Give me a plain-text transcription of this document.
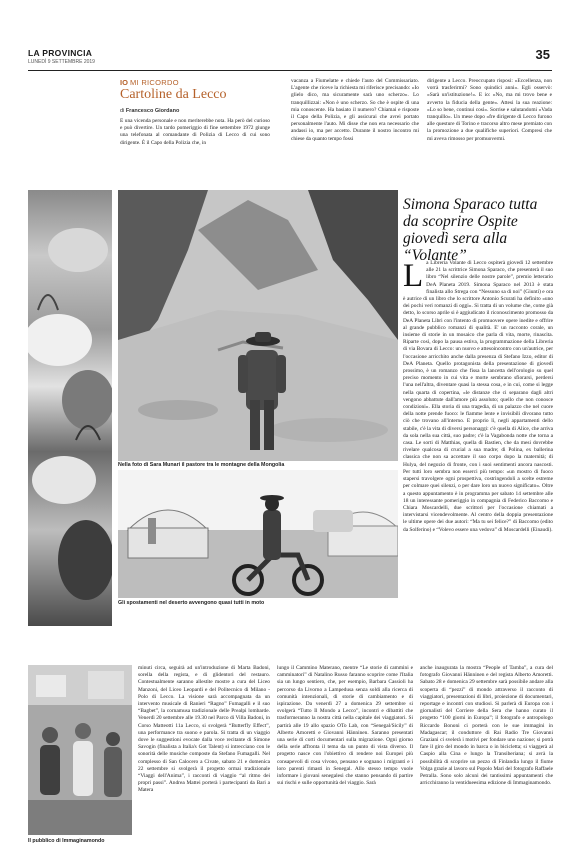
LA PROVINCIA
LUNEDÌ 9 SETTEMBRE 2019	35
IO MI RICORDO
Cartoline da Lecco
di Francesco Giordano
È una vicenda personale e non meriterebbe nota. Ha però del curioso e può divertire. Un tardo pomeriggio di fine settembre 1972 giunge una telefonata al comandante di Polizia di Lecco di cui sono dirigente. È il Capo della Polizia che, in
vacanza a Fiumelatte e chiede l'auto del Commissariato. L'agente che riceve la richiesta mi riferisce precisando: «Io glielo dico, ma sicuramente sarà uno scherzo». Lo tranquillizzai: «Non è uno scherzo. So che è ospite di una mia conoscente. Ha basiato il numero? Chiamai e risposte il Capo della Polizia, e gli assicurai che avrei portato personalmente l'auto. Mi disse che non era necessario che andassi io, ma per accetto. Durante il nostro incontro mi chiese da quanto tempo fossi
dirigente a Lecco. Preoccupato risposi: «Eccellenza, non vorrà trasferirmi? Sono quindici anni». Egli osservò: «Sarà un'istituzione!». E io: «No, ma mi trovo bene e avverto la fiducia della gente». Attesi la sua reazione: «Lo so bene, continui così». Sorrise e salutandomi «Vada tranquillo». Un mese dopo «fre dirigente di Lecco furono alle questure di Torino e tracorso altro mese premiato con la promozione a due qualifiche superiori. Compresi che mi aveva rimosso per promuovermi.
Nella foto di Sara Munari il pastore tra le montagne della Mongolia
Gli spostamenti nel deserto avvengono quasi tutti in moto
Simona Sparaco tutta da scoprire Ospite giovedì sera alla “Volante”
La Libreria Volante di Lecco ospiterà giovedì 12 settembre alle 21 la scrittrice Simona Sparaco, che presenterà il suo libro “Nel silenzio delle nostre parole”, premio letterario DeA Planeta 2019. Simona Sparaco nel 2013 è stata finalista allo Strega con “Nessuno sa di noi” (Giunti) e ora è autrice di un libro che lo scrittore Antonio Scurati ha definito «uno dei pochi veri romanzi di oggi». Si tratta di un volume che, come già detto, lo scorso aprile si è aggiudicato il riconoscimento promosso da DeA Planeta Libri con l'intento di promuovere opere inedite e offrire al grande pubblico romanzi di qualità. E' un racconto corale, un insieme di storie in un mosaico che parla di vita, morte, rinascita. Riparte così, dopo la pausa estiva, la programmazione della Libreria di via Bovara di Lecco: un nuovo e attesoincontro con un'autrice, per l'occasione arricchito anche dalla presenza di Stefano Izzo, editor di DeA Planeta. Quello protagonista della presentazione di giovedì prossimo, è un romanzo che fissa la lancetta dell'orologio su quel preciso momento in cui vita e morte sembrano sfiorarsi, perdersi l'una nell'altra, diventare quasi la stessa cosa, e in cui, come si legge nella quarta di copertina, «le distanze che ci separano dagli altri vengono abbattute dall'amore più assoluto; quello che non conosce condizioni». Ella storia di una tragedia, di un palazzo che nel cuore della notte prende fuoco: le fiamme lente e invisibili divorano tutto ciò che trovano all'interno. E proprio lì, negli appartamenti dello stabile, c'è la vita di diversi personaggi: c'è quella di Alice, che arriva da sola nella sua città, suo padre; c'è la Vagabonda notte che torna a casa. Le sorti di Matthias, quella di Bastien, che da mesi dovrebbe rivelare qualcosa di crucial a sua madre; di Polina, ex ballerina classica che non sa accettare il suo corpo dopo la maternità; di Hulya, del negozio di fronte, con i suoi sentimenti ancora nascosti. Per tutti loro sembra non esserci più tempo: «un mostro di fuoco stapersi travolgere ogni prospettiva, costringendoli a scelte estreme per colmare quei silenzi, o per dare loro un nuovo significato». Oltre a questo appuntamento è in programma per sabato 14 settembre alle 18 un interessante pomeriggio in compagnia di Federico Baccomo e Chiara Moscardelli, due scrittori per l'occasione chiamati a intervistarsi vicendevolmente. Al centro della doppia presentazione le ultime opere dei due autori: “Ma tu sei felice?” di Baccomo (edito da Solferino) e “Volevo essere una vedova” di Moscardelli (Einaudi).
Il pubblico di Immaginamondo
minuti circa, seguirà ad un'introduzione di Marta Badoni, sorella della regista, e di glidentori del restauro. Contestualmente saranno allestite mostre a cura del Liceo Manzoni, del Liceo Leopardi e del Politecnico di Milano - Polo di Lecco. La visione sarà accompagnata da un intervento musicale di Ranieri “Ragno” Fumagalli e il suo “Bagbet”, la cornamusa tradizionale delle Prealpi lombarde. Venerdì 20 settembre alle 19.30 nel Parco di Villa Badoni, in Corso Matteotti 11a Lecco, si svolgerà “Butterfly Effect”, una performance tra suono e parola. Si tratta di un viaggio dove le suggestioni evocate dalla voce recitante di Simone Savogin (finalista a Italia's Got Talent) si intrecciano con le sonorità delle musiche composte da Stefano Fumagalli. Nel complesso di San Calocero a Civate, sabato 21 e domenica 22 settembre si svolgerà il progetto ormai tradizionale “Viaggi dell'Anima”, i racconti di viaggio “al ritmo dei propri passi”. Andrea Mattei porterà i partecipanti da Bari a Matera
lungo il Cammino Materano, mentre “Le storie di cammini e camminatori” di Natalino Russo faranno scoprire come l'Italia sia un lungo sentiero, che, per esempio, Barbara Cassioli ha percorso da Livorno a Lampedusa senza soldi alla ricerca di comunità intenzionali, di storie di cambiamento e di ispirazione. Da venerdì 27 a domenica 29 settembre si svolgerà “Tutto Il Mondo a Lecco”, incontri e dibattiti che trasformeranno la nostra città nella capitale dei viaggiatori. Si partirà alle 19 allo spazio OTo Lab, con “Senegal/Sicily” di Alberto Amoretti e Giovanni Hänninen. Saranno presentati una serie di corti documentari sulla migrazione. Ogni giorno della serie affronta il tema da un punto di vista diverso. Il progetto nasce con l'obiettivo di rendere noi Europei più consapevoli di cosa vivono, pensano e sognano i migranti e i loro parenti rimasti in Senegal. Allo stesso tempo vuole informare i giovani senegalesi che stanno pensando di partire sui rischi e sulle opportunità del viaggio. Sarà
anche inaugurata la mostra “People of Tamba”, a cura del fotografo Giovanni Hänninen e del regista Alberto Amoretti. Sabato 28 e domenica 29 settembre sarà possibile andare alla scoperta di “pezzi” di mondo attraverso il racconto di viaggiatori, presentazioni di libri, proiezione di documentari, reportage e incontri con studiosi. Si parlerà di Europa con i giornalisti del Corriere della Sera che hanno curato il progetto “100 giorni in Europa”; il fotografo e antropologo Riccardo Bononi ci porterà con le sue immagini in Madagascar; il conduttore di Rai Radio Tre Giovanni Graziani ci svelerà i motivi per fondare uno nazione; si potrà fare il giro del mondo in barca o in bicicletta; si viaggerà al Caspio alla Cina e lungo la Transiberiana; si avrà la possibilità di scoprire un pezzo di Finlandia lungo il fiume Volga grazie al lavoro sul Popolo Mari del fotografo Raffaele Petralla. Sono solo alcuni dei tantissimi appuntamenti che arricchiranno la ventidueesima edizione di Immaginamondo.
